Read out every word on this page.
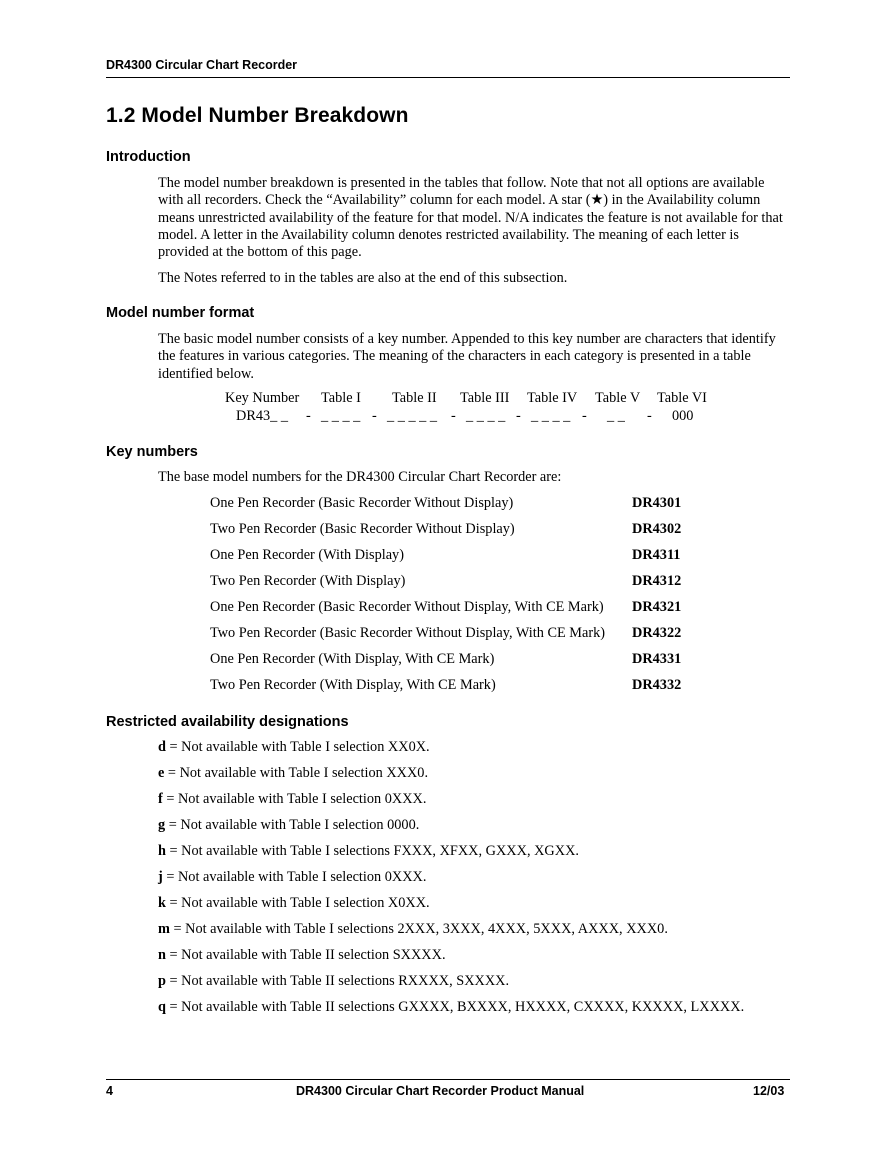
DR4300 Circular Chart Recorder
1.2 Model Number Breakdown
Introduction

The model number breakdown is presented in the tables that follow. Note that not all options are available with all recorders. Check the “Availability” column for each model. A star (★) in the Availability column means unrestricted availability of the feature for that model. N/A indicates the feature is not available for that model. A letter in the Availability column denotes restricted availability. The meaning of each letter is provided at the bottom of this page.

The Notes referred to in the tables are also at the end of this subsection.

Model number format

The basic model number consists of a key number. Appended to this key number are characters that identify the features in various categories. The meaning of the characters in each category is presented in a table identified below.

Key Number Table I Table II Table III Table IV Table V Table VI
DR43_ _ - _ _ _ _ - _ _ _ _ _ - _ _ _ _ - _ _ _ _ - _ _ - 000
Key numbers
The base model numbers for the DR4300 Circular Chart Recorder are:
One Pen Recorder (Basic Recorder Without Display)	DR4301
Two Pen Recorder (Basic Recorder Without Display)	DR4302
One Pen Recorder (With Display)	DR4311
Two Pen Recorder (With Display)	DR4312
One Pen Recorder (Basic Recorder Without Display, With CE Mark) DR4321
Two Pen Recorder (Basic Recorder Without Display, With CE Mark) DR4322
One Pen Recorder (With Display, With CE Mark)	DR4331
Two Pen Recorder (With Display, With CE Mark)	DR4332
Restricted availability designations
d = Not available with Table I selection XX0X.
e = Not available with Table I selection XXX0.
f = Not available with Table I selection 0XXX.
g = Not available with Table I selection 0000.
h = Not available with Table I selections FXXX, XFXX, GXXX, XGXX.
j = Not available with Table I selection 0XXX.
k = Not available with Table I selection X0XX.
m = Not available with Table I selections 2XXX, 3XXX, 4XXX, 5XXX, AXXX, XXX0.
n = Not available with Table II selection SXXXX.
p = Not available with Table II selections RXXXX, SXXXX.
q = Not available with Table II selections GXXXX, BXXXX, HXXXX, CXXXX, KXXXX, LXXXX.
4	DR4300 Circular Chart Recorder Product Manual	12/03
